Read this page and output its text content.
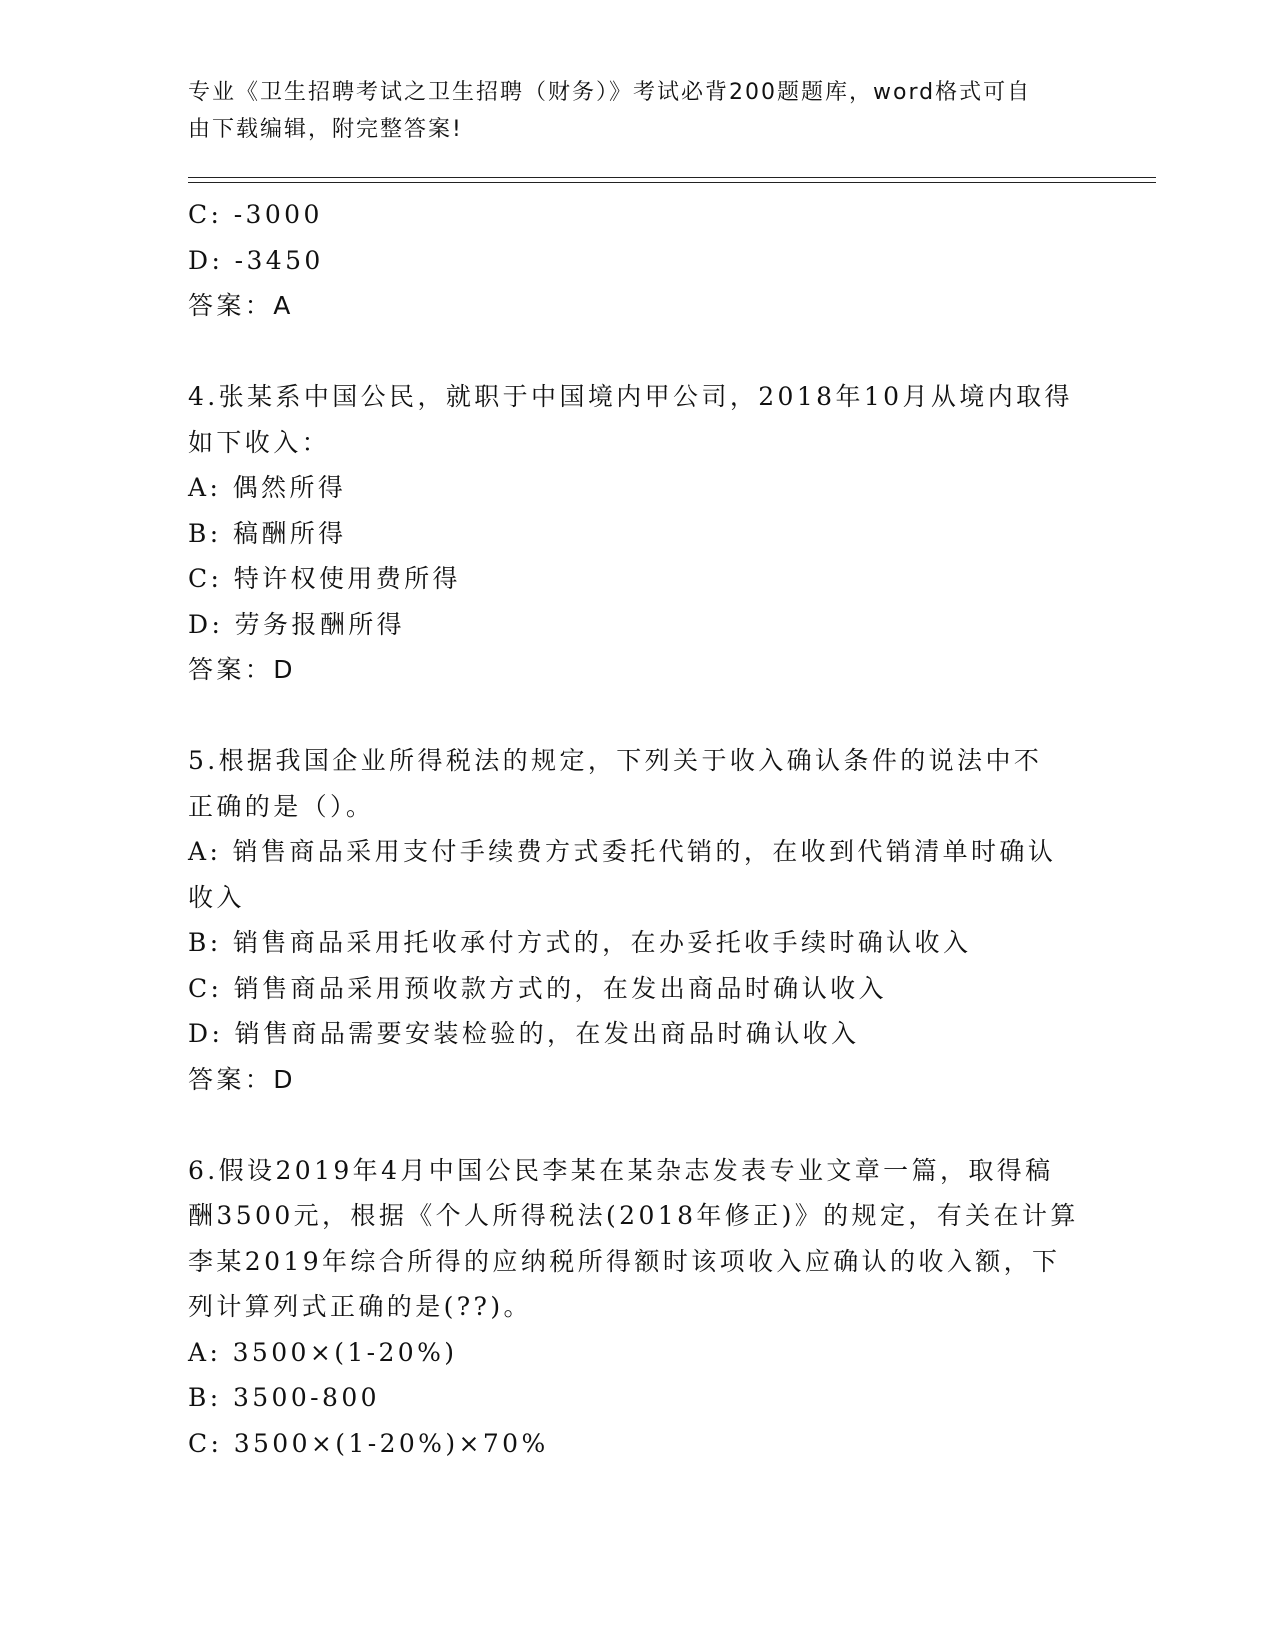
专业《卫生招聘考试之卫生招聘（财务）》考试必背200题题库，word格式可自
由下载编辑，附完整答案!
C: -3000
D: -3450
答案：A
4.张某系中国公民，就职于中国境内甲公司，2018年10月从境内取得
如下收入：
A: 偶然所得
B: 稿酬所得
C: 特许权使用费所得
D: 劳务报酬所得
答案：D
5.根据我国企业所得税法的规定，下列关于收入确认条件的说法中不
正确的是（）。
A: 销售商品采用支付手续费方式委托代销的，在收到代销清单时确认
收入
B: 销售商品采用托收承付方式的，在办妥托收手续时确认收入
C: 销售商品采用预收款方式的，在发出商品时确认收入
D: 销售商品需要安装检验的，在发出商品时确认收入
答案：D
6.假设2019年4月中国公民李某在某杂志发表专业文章一篇，取得稿
酬3500元，根据《个人所得税法(2018年修正)》的规定，有关在计算
李某2019年综合所得的应纳税所得额时该项收入应确认的收入额，下
列计算列式正确的是(??)。
A: 3500×(1-20%)
B: 3500-800
C: 3500×(1-20%)×70%
